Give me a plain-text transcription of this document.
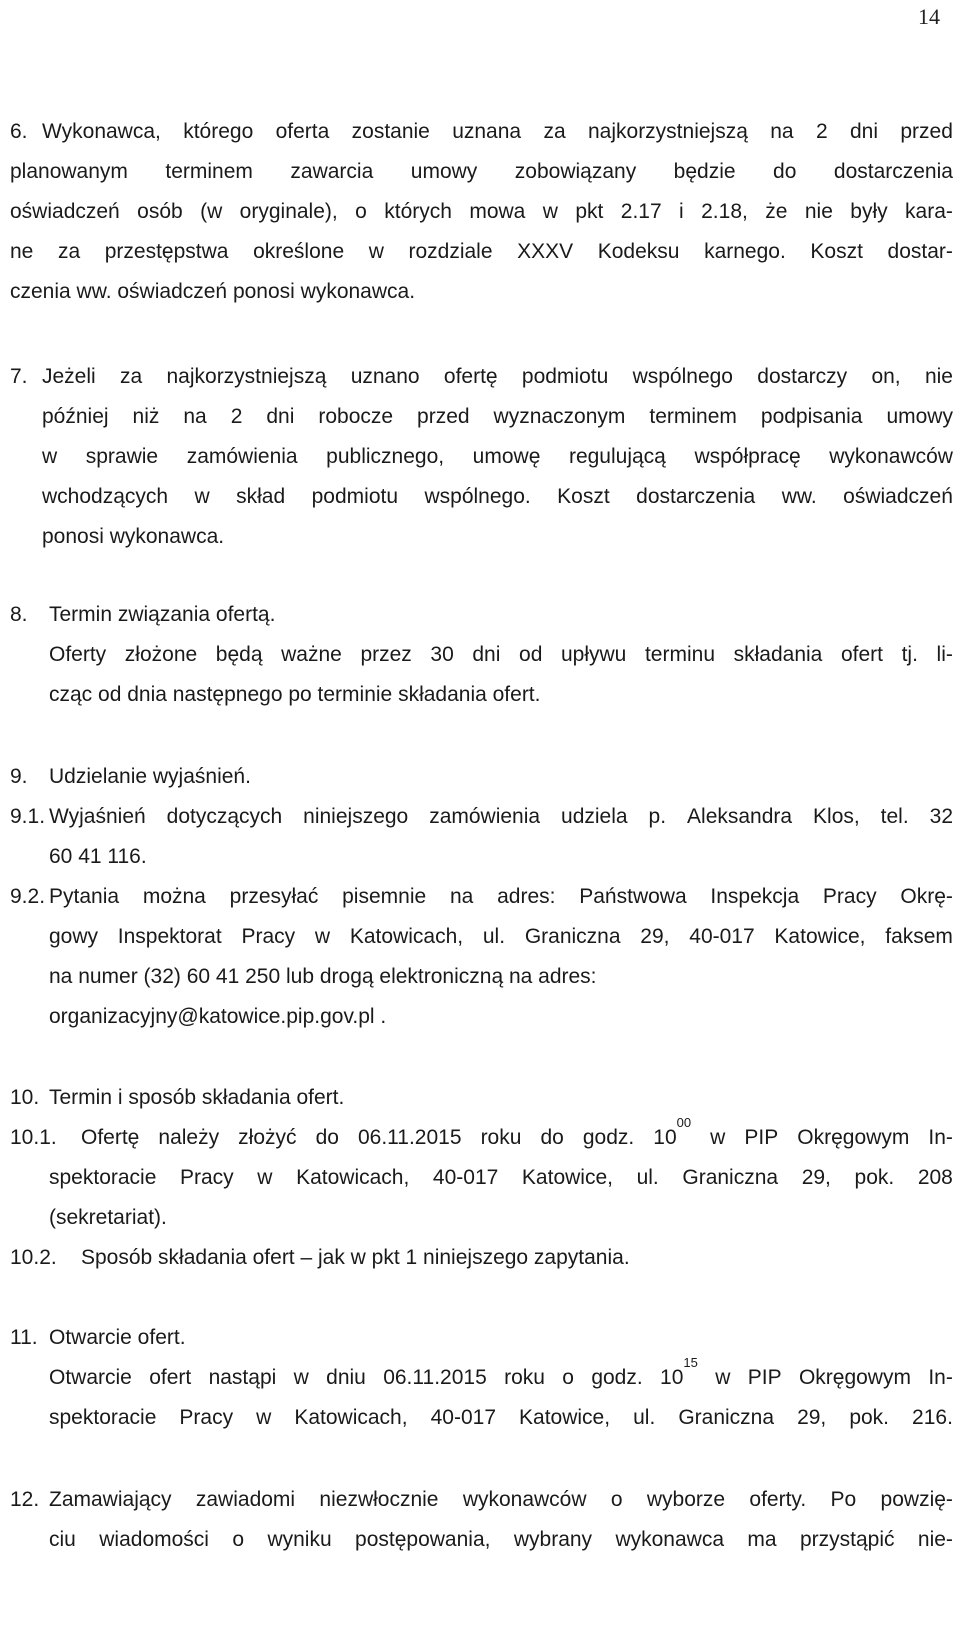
14
6. Wykonawca, którego oferta zostanie uznana za najkorzystniejszą na 2 dni przed
planowanym terminem zawarcia umowy zobowiązany będzie do dostarczenia
oświadczeń osób (w oryginale), o których mowa w pkt 2.17 i 2.18, że nie były kara-
ne za przestępstwa określone w rozdziale XXXV Kodeksu karnego. Koszt dostar-
czenia ww. oświadczeń ponosi wykonawca.
7. Jeżeli za najkorzystniejszą uznano ofertę podmiotu wspólnego dostarczy on, nie
później niż na 2 dni robocze przed wyznaczonym terminem podpisania umowy
w sprawie zamówienia publicznego, umowę regulującą współpracę wykonawców
wchodzących w skład podmiotu wspólnego. Koszt dostarczenia ww. oświadczeń
ponosi wykonawca.
8. Termin związania ofertą.
Oferty złożone będą ważne przez 30 dni od upływu terminu składania ofert tj. li-
cząc od dnia następnego po terminie składania ofert.
9. Udzielanie wyjaśnień.
9.1. Wyjaśnień dotyczących niniejszego zamówienia udziela p. Aleksandra Klos, tel. 32
60 41 116.
9.2. Pytania można przesyłać pisemnie na adres: Państwowa Inspekcja Pracy Okrę-
gowy Inspektorat Pracy w Katowicach, ul. Graniczna 29, 40-017 Katowice, faksem
na numer (32) 60 41 250 lub drogą elektroniczną na adres:
organizacyjny@katowice.pip.gov.pl .
10. Termin i sposób składania ofert.
10.1. Ofertę należy złożyć do 06.11.2015 roku do godz. $10^{00}$
w PIP Okręgowym In-
spektoracie Pracy w Katowicach, 40-017 Katowice, ul. Graniczna 29, pok. 208
(sekretariat).
10.2. Sposób składania ofert – jak w pkt 1 niniejszego zapytania.
11. Otwarcie ofert.
Otwarcie ofert nastąpi w dniu 06.11.2015 roku o godz. $10^{15}$
w PIP Okręgowym In-
spektoracie Pracy w Katowicach, 40-017 Katowice, ul. Graniczna 29, pok. 216.
12. Zamawiający zawiadomi niezwłocznie wykonawców o wyborze oferty. Po powzię-
ciu wiadomości o wyniku postępowania, wybrany wykonawca ma przystąpić nie-
